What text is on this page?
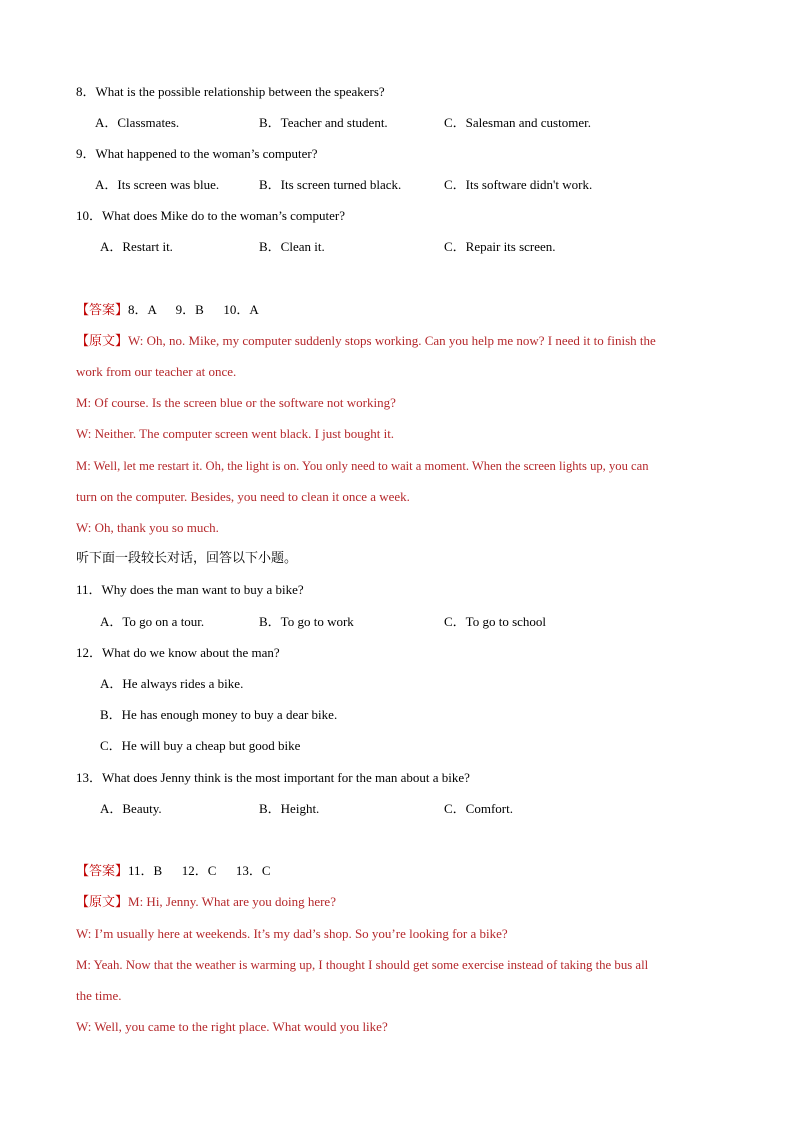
8．What is the possible relationship between the speakers?
A．Classmates.	B．Teacher and student.	C．Salesman and customer.
9．What happened to the woman’s computer?
A．Its screen was blue.	B．Its screen turned black.	C．Its software didn't work.
10．What does Mike do to the woman’s computer?
A．Restart it.	B．Clean it.	C．Repair its screen.
【答案】8．A      9．B      10．A
【原文】W: Oh, no. Mike, my computer suddenly stops working. Can you help me now? I need it to finish the
work from our teacher at once.
M: Of course. Is the screen blue or the software not working?
W: Neither. The computer screen went black. I just bought it.
M: Well, let me restart it. Oh, the light is on. You only need to wait a moment. When the screen lights up, you can
turn on the computer. Besides, you need to clean it once a week.
W: Oh, thank you so much.
听下面一段较长对话，回答以下小题。
11．Why does the man want to buy a bike?
A．To go on a tour.	B．To go to work	C．To go to school
12．What do we know about the man?
A．He always rides a bike.
B．He has enough money to buy a dear bike.
C．He will buy a cheap but good bike
13．What does Jenny think is the most important for the man about a bike?
A．Beauty.	B．Height.	C．Comfort.
【答案】11．B      12．C      13．C
【原文】M: Hi, Jenny. What are you doing here?
W: I’m usually here at weekends. It’s my dad’s shop. So you’re looking for a bike?
M: Yeah. Now that the weather is warming up, I thought I should get some exercise instead of taking the bus all
the time.
W: Well, you came to the right place. What would you like?
